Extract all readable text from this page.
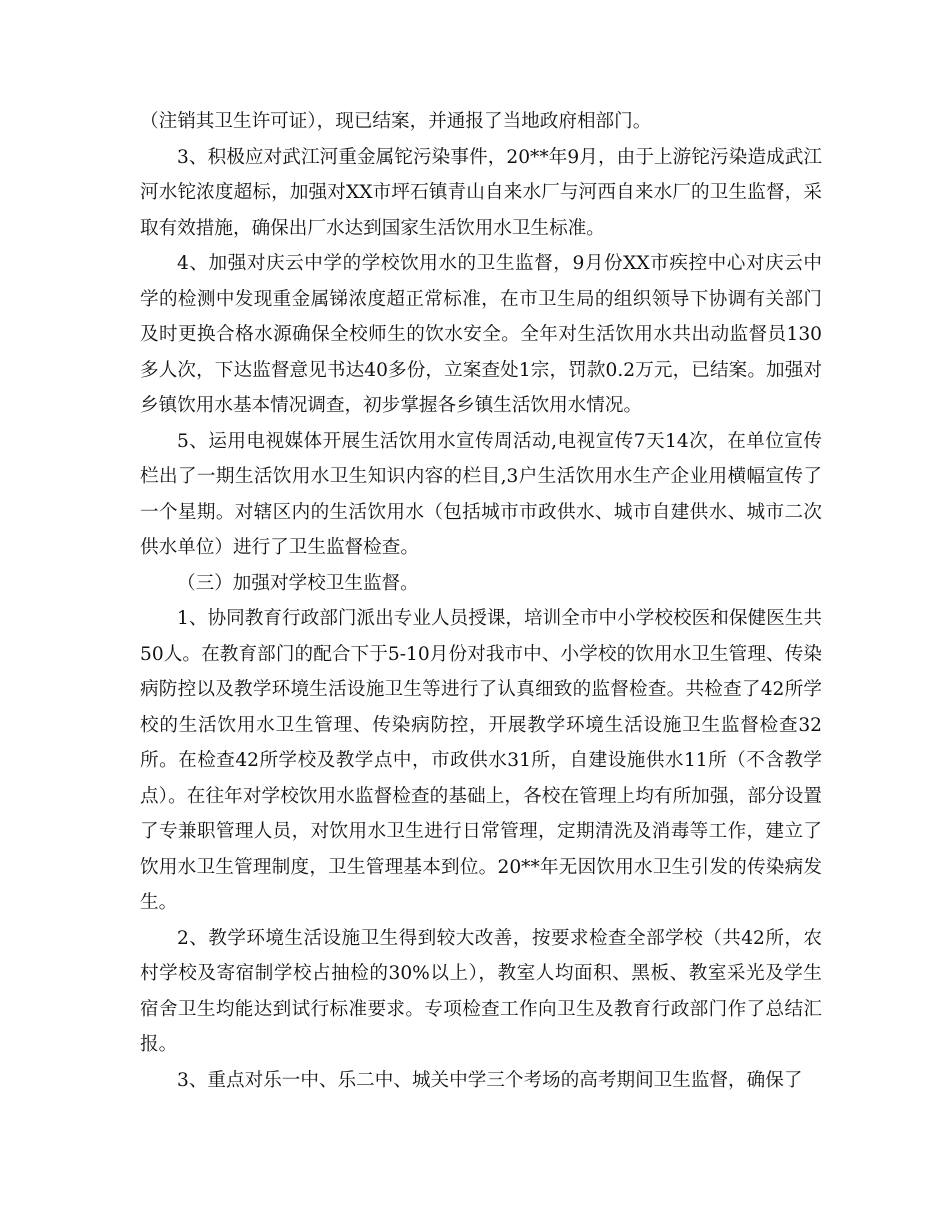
（注销其卫生许可证），现已结案，并通报了当地政府相部门。

3、积极应对武江河重金属铊污染事件，20**年9月，由于上游铊污染造成武江河水铊浓度超标，加强对XX市坪石镇青山自来水厂与河西自来水厂的卫生监督，采取有效措施，确保出厂水达到国家生活饮用水卫生标准。

4、加强对庆云中学的学校饮用水的卫生监督，9月份XX市疾控中心对庆云中学的检测中发现重金属锑浓度超正常标准，在市卫生局的组织领导下协调有关部门及时更换合格水源确保全校师生的饮水安全。全年对生活饮用水共出动监督员130多人次，下达监督意见书达40多份，立案查处1宗，罚款0.2万元，已结案。加强对乡镇饮用水基本情况调查，初步掌握各乡镇生活饮用水情况。

5、运用电视媒体开展生活饮用水宣传周活动,电视宣传7天14次，在单位宣传栏出了一期生活饮用水卫生知识内容的栏目,3户生活饮用水生产企业用横幅宣传了一个星期。对辖区内的生活饮用水（包括城市市政供水、城市自建供水、城市二次供水单位）进行了卫生监督检查。

（三）加强对学校卫生监督。

1、协同教育行政部门派出专业人员授课，培训全市中小学校校医和保健医生共50人。在教育部门的配合下于5-10月份对我市中、小学校的饮用水卫生管理、传染病防控以及教学环境生活设施卫生等进行了认真细致的监督检查。共检查了42所学校的生活饮用水卫生管理、传染病防控，开展教学环境生活设施卫生监督检查32所。在检查42所学校及教学点中，市政供水31所，自建设施供水11所（不含教学点）。在往年对学校饮用水监督检查的基础上，各校在管理上均有所加强，部分设置了专兼职管理人员，对饮用水卫生进行日常管理，定期清洗及消毒等工作，建立了饮用水卫生管理制度，卫生管理基本到位。20**年无因饮用水卫生引发的传染病发生。

2、教学环境生活设施卫生得到较大改善，按要求检查全部学校（共42所，农村学校及寄宿制学校占抽检的30%以上），教室人均面积、黑板、教室采光及学生宿舍卫生均能达到试行标准要求。专项检查工作向卫生及教育行政部门作了总结汇报。

3、重点对乐一中、乐二中、城关中学三个考场的高考期间卫生监督，确保了
